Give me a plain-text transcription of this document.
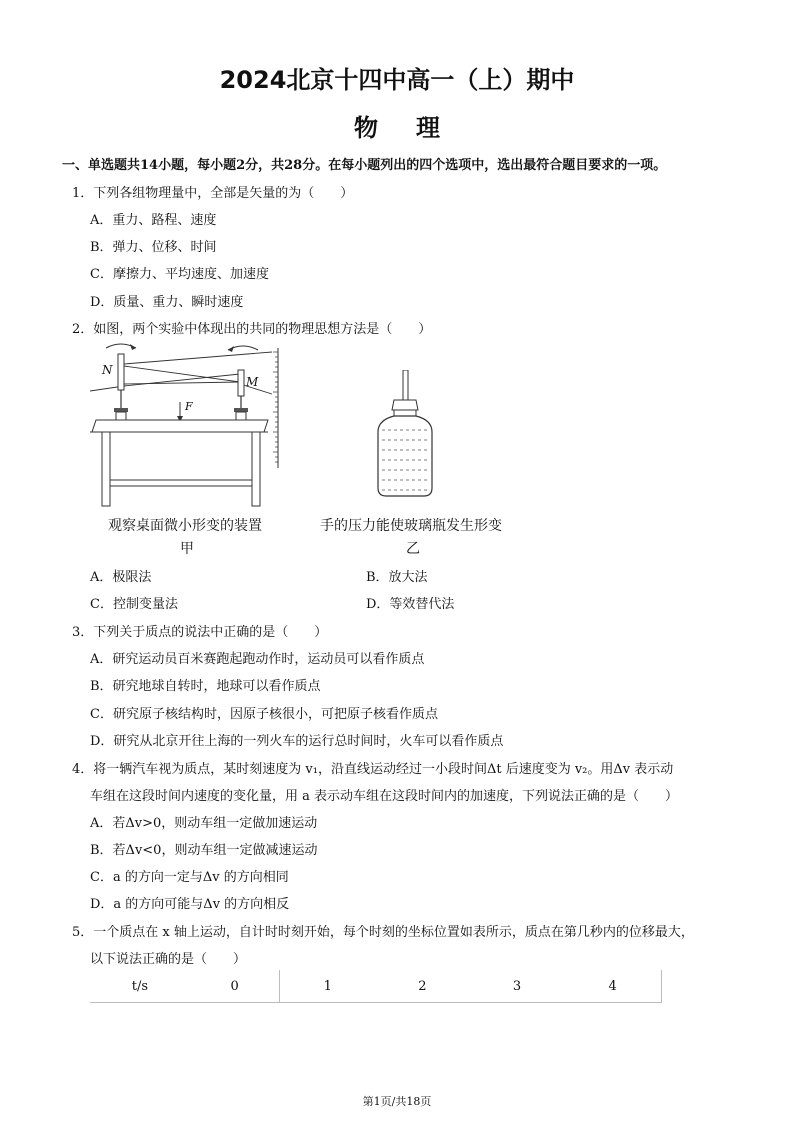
2024北京十四中高一（上）期中
物理
一、单选题共14小题，每小题2分，共28分。在每小题列出的四个选项中，选出最符合题目要求的一项。
1．下列各组物理量中，全部是矢量的为（　　）
A．重力、路程、速度
B．弹力、位移、时间
C．摩擦力、平均速度、加速度
D．质量、重力、瞬时速度
2．如图，两个实验中体现出的共同的物理思想方法是（　　）
N
M
F
观察桌面微小形变的装置
甲
手的压力能使玻璃瓶发生形变
乙
A．极限法	B．放大法
C．控制变量法	D．等效替代法
3．下列关于质点的说法中正确的是（　　）
A．研究运动员百米赛跑起跑动作时，运动员可以看作质点
B．研究地球自转时，地球可以看作质点
C．研究原子核结构时，因原子核很小，可把原子核看作质点
D．研究从北京开往上海的一列火车的运行总时间时，火车可以看作质点
4．将一辆汽车视为质点，某时刻速度为 v₁，沿直线运动经过一小段时间Δt 后速度变为 v₂。用Δv 表示动
车组在这段时间内速度的变化量，用 a 表示动车组在这段时间内的加速度，下列说法正确的是（　　）
A．若Δv>0，则动车组一定做加速运动
B．若Δv<0，则动车组一定做减速运动
C．a 的方向一定与Δv 的方向相同
D．a 的方向可能与Δv 的方向相反
5．一个质点在 x 轴上运动，自计时时刻开始，每个时刻的坐标位置如表所示，质点在第几秒内的位移最大，
以下说法正确的是（　　）
t/s	0	1	2	3	4
第1页/共18页
